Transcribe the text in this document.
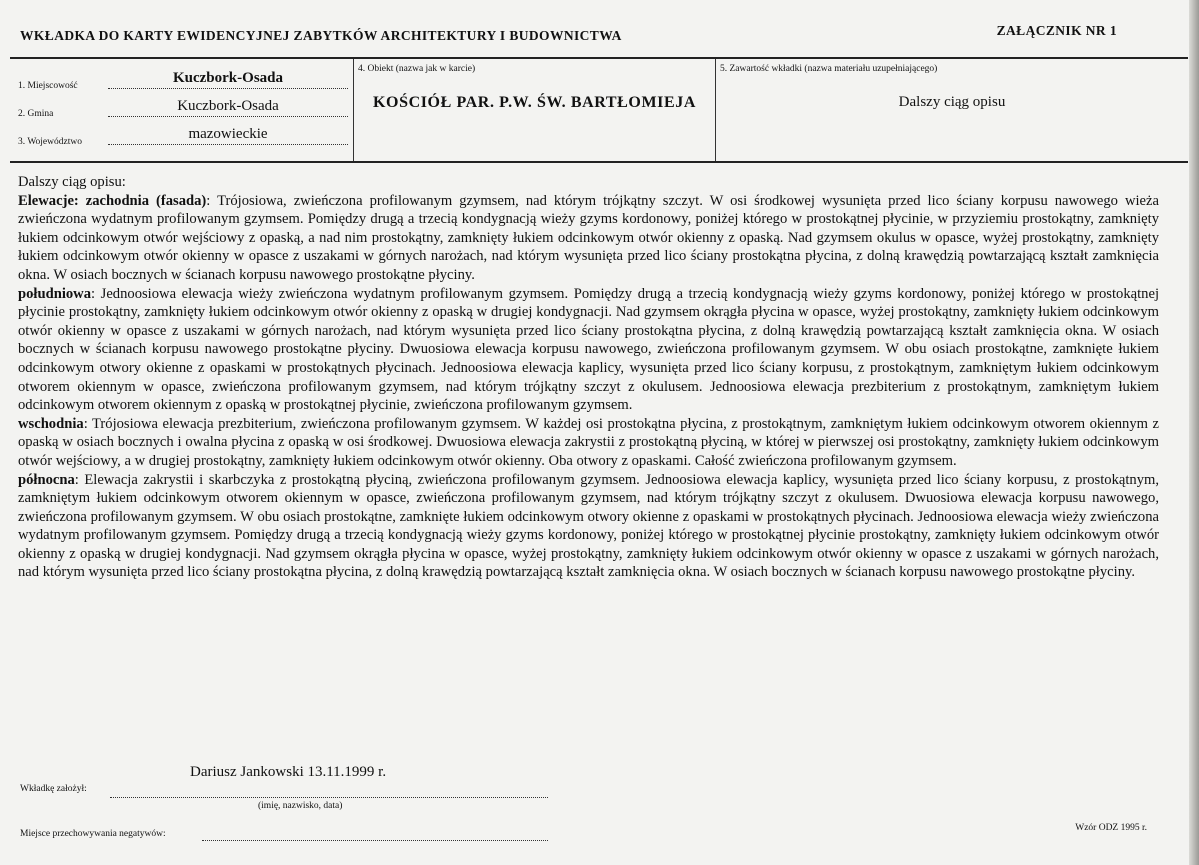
WKŁADKA DO KARTY EWIDENCYJNEJ ZABYTKÓW ARCHITEKTURY I BUDOWNICTWA	ZAŁĄCZNIK NR 1
1. Miejscowość	Kuczbork-Osada
2. Gmina	Kuczbork-Osada
3. Województwo	mazowieckie
4. Obiekt (nazwa jak w karcie)
KOŚCIÓŁ PAR. P.W. ŚW. BARTŁOMIEJA
5. Zawartość wkładki (nazwa materiału uzupełniającego)
Dalszy ciąg opisu

Dalszy ciąg opisu:

Elewacje: zachodnia (fasada): Trójosiowa, zwieńczona profilowanym gzymsem, nad którym trójkątny szczyt. W osi środkowej wysunięta przed lico ściany korpusu nawowego wieża zwieńczona wydatnym profilowanym gzymsem. Pomiędzy drugą a trzecią kondygnacją wieży gzyms kordonowy, poniżej którego w prostokątnej płycinie, w przyziemiu prostokątny, zamknięty łukiem odcinkowym otwór wejściowy z opaską, a nad nim prostokątny, zamknięty łukiem odcinkowym otwór okienny z opaską. Nad gzymsem okulus w opasce, wyżej prostokątny, zamknięty łukiem odcinkowym otwór okienny w opasce z uszakami w górnych narożach, nad którym wysunięta przed lico ściany prostokątna płycina, z dolną krawędzią powtarzającą kształt zamknięcia okna. W osiach bocznych w ścianach korpusu nawowego prostokątne płyciny.

południowa: Jednoosiowa elewacja wieży zwieńczona wydatnym profilowanym gzymsem. Pomiędzy drugą a trzecią kondygnacją wieży gzyms kordonowy, poniżej którego w prostokątnej płycinie prostokątny, zamknięty łukiem odcinkowym otwór okienny z opaską w drugiej kondygnacji. Nad gzymsem okrągła płycina w opasce, wyżej prostokątny, zamknięty łukiem odcinkowym otwór okienny w opasce z uszakami w górnych narożach, nad którym wysunięta przed lico ściany prostokątna płycina, z dolną krawędzią powtarzającą kształt zamknięcia okna. W osiach bocznych w ścianach korpusu nawowego prostokątne płyciny. Dwuosiowa elewacja korpusu nawowego, zwieńczona profilowanym gzymsem. W obu osiach prostokątne, zamknięte łukiem odcinkowym otwory okienne z opaskami w prostokątnych płycinach. Jednoosiowa elewacja kaplicy, wysunięta przed lico ściany korpusu, z prostokątnym, zamkniętym łukiem odcinkowym otworem okiennym w opasce, zwieńczona profilowanym gzymsem, nad którym trójkątny szczyt z okulusem. Jednoosiowa elewacja prezbiterium z prostokątnym, zamkniętym łukiem odcinkowym otworem okiennym z opaską w prostokątnej płycinie, zwieńczona profilowanym gzymsem.

wschodnia: Trójosiowa elewacja prezbiterium, zwieńczona profilowanym gzymsem. W każdej osi prostokątna płycina, z prostokątnym, zamkniętym łukiem odcinkowym otworem okiennym z opaską w osiach bocznych i owalna płycina z opaską w osi środkowej. Dwuosiowa elewacja zakrystii z prostokątną płyciną, w której w pierwszej osi prostokątny, zamknięty łukiem odcinkowym otwór wejściowy, a w drugiej prostokątny, zamknięty łukiem odcinkowym otwór okienny. Oba otwory z opaskami. Całość zwieńczona profilowanym gzymsem.

północna: Elewacja zakrystii i skarbczyka z prostokątną płyciną, zwieńczona profilowanym gzymsem. Jednoosiowa elewacja kaplicy, wysunięta przed lico ściany korpusu, z prostokątnym, zamkniętym łukiem odcinkowym otworem okiennym w opasce, zwieńczona profilowanym gzymsem, nad którym trójkątny szczyt z okulusem. Dwuosiowa elewacja korpusu nawowego, zwieńczona profilowanym gzymsem. W obu osiach prostokątne, zamknięte łukiem odcinkowym otwory okienne z opaskami w prostokątnych płycinach. Jednoosiowa elewacja wieży zwieńczona wydatnym profilowanym gzymsem. Pomiędzy drugą a trzecią kondygnacją wieży gzyms kordonowy, poniżej którego w prostokątnej płycinie prostokątny, zamknięty łukiem odcinkowym otwór okienny z opaską w drugiej kondygnacji. Nad gzymsem okrągła płycina w opasce, wyżej prostokątny, zamknięty łukiem odcinkowym otwór okienny w opasce z uszakami w górnych narożach, nad którym wysunięta przed lico ściany prostokątna płycina, z dolną krawędzią powtarzającą kształt zamknięcia okna. W osiach bocznych w ścianach korpusu nawowego prostokątne płyciny.

Dariusz Jankowski 13.11.1999 r.
Wkładkę założył:
(imię, nazwisko, data)
Miejsce przechowywania negatywów:
Wzór ODZ 1995 r.
